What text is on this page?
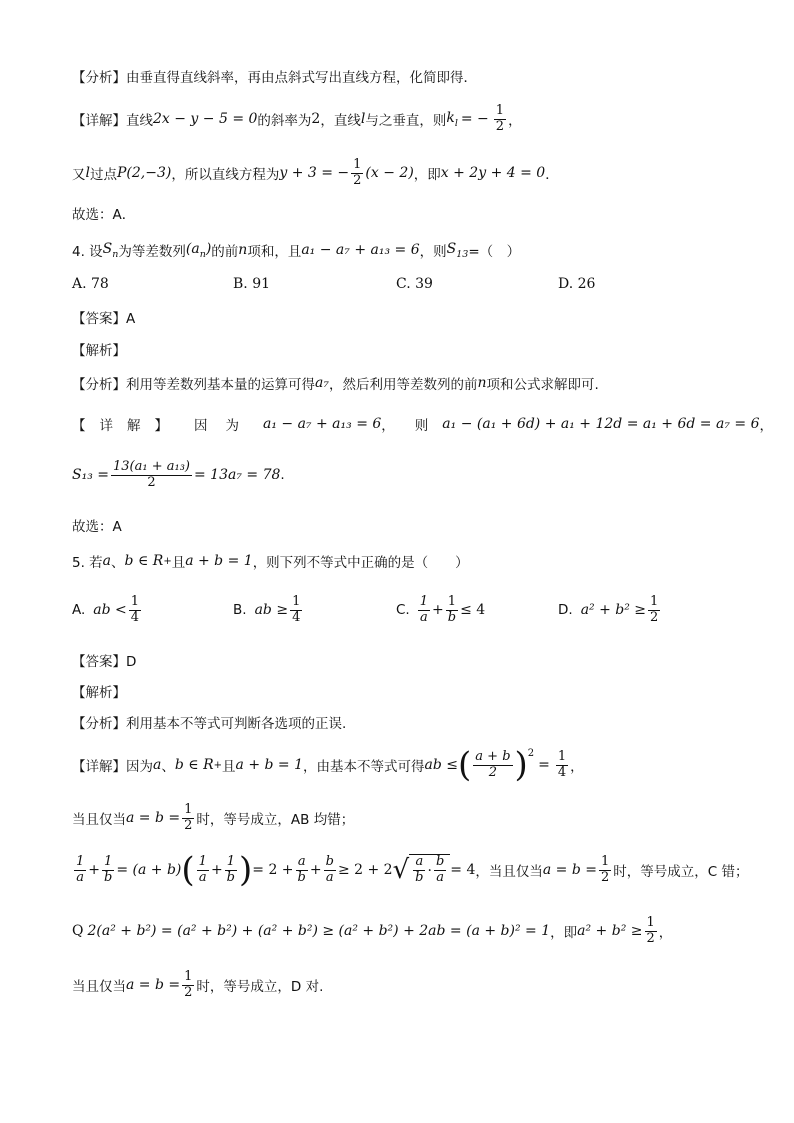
【分析】由垂直得直线斜率，再由点斜式写出直线方程，化简即得．
【详解】 直线 2x − y − 5 = 0 的斜率为 2 ，直线 l 与之垂直，则 $k_l$ = − $\frac{1}{2}$ ，
又 l 过点 P(2,−3) ，所以直线方程为 y + 3 = − $\frac{1}{2} (x - 2)$ ，即 x + 2y + 4 = 0 ．
故选：A．
4. 设 $S_n$ 为等差数列 $(a_n)$ 的前 n 项和，且 a₁ − a₇ + a₁₃ = 6 ，则 $S_{13}$ =（　）
A. 78	B. 91	C. 39	D. 26
【答案】A
【解析】
【分析】利用等差数列基本量的运算可得 a₇ ，然后利用等差数列的前 n 项和公式求解即可.
【详解】 因为 a₁ − a₇ + a₁₃ = 6 ， 则 a₁ − (a₁ + 6d) + a₁ + 12d = a₁ + 6d = a₇ = 6 ，
$S_{13} = \frac{\text{13(a₁ + a₁₃)}}{2} = 13a_7 = 78$ .
故选：A
5. 若 a 、 b ∈ R + 且 a + b = 1 ，则下列不等式中正确的是（　　）
A. ab < $\frac{1}{4}$	B. ab ≥ $\frac{1}{4}$	C. $\frac{1}{a} + \frac{1}{b} \le 4$	D. $a^2 + b^2 \ge \frac{1}{2}$
【答案】D
【解析】
【分析】利用基本不等式可判断各选项的正误.
【详解】 因为 a 、 b ∈ R + 且 a + b = 1 ，由基本不等式可得 ab ≤ ( $\frac{a + b}{2}$ ) 2
= $\frac{1}{4}$ ，
当且仅当 $a = b = \frac{1}{2}$ 时，等号成立，AB 均错；
$\frac{1}{a} + \frac{1}{b} = (a + b)$ ( $\frac{1}{a} + \frac{1}{b}$ ) = $2 + \frac{a}{b} + \frac{b}{a} \ge 2 + 2$ √ $\frac{a}{b} \cdot \frac{b}{a} = 4$ ，当且仅当 $a = b = \frac{1}{2}$ 时，等号成立，C 错；
Q 2(a² + b²) = (a² + b²) + (a² + b²) ≥ (a² + b²) + 2ab = (a + b)² = 1 ，即 $a^2 + b^2 \ge \frac{1}{2}$ ，
当且仅当 $a = b = \frac{1}{2}$ 时，等号成立，D 对.
